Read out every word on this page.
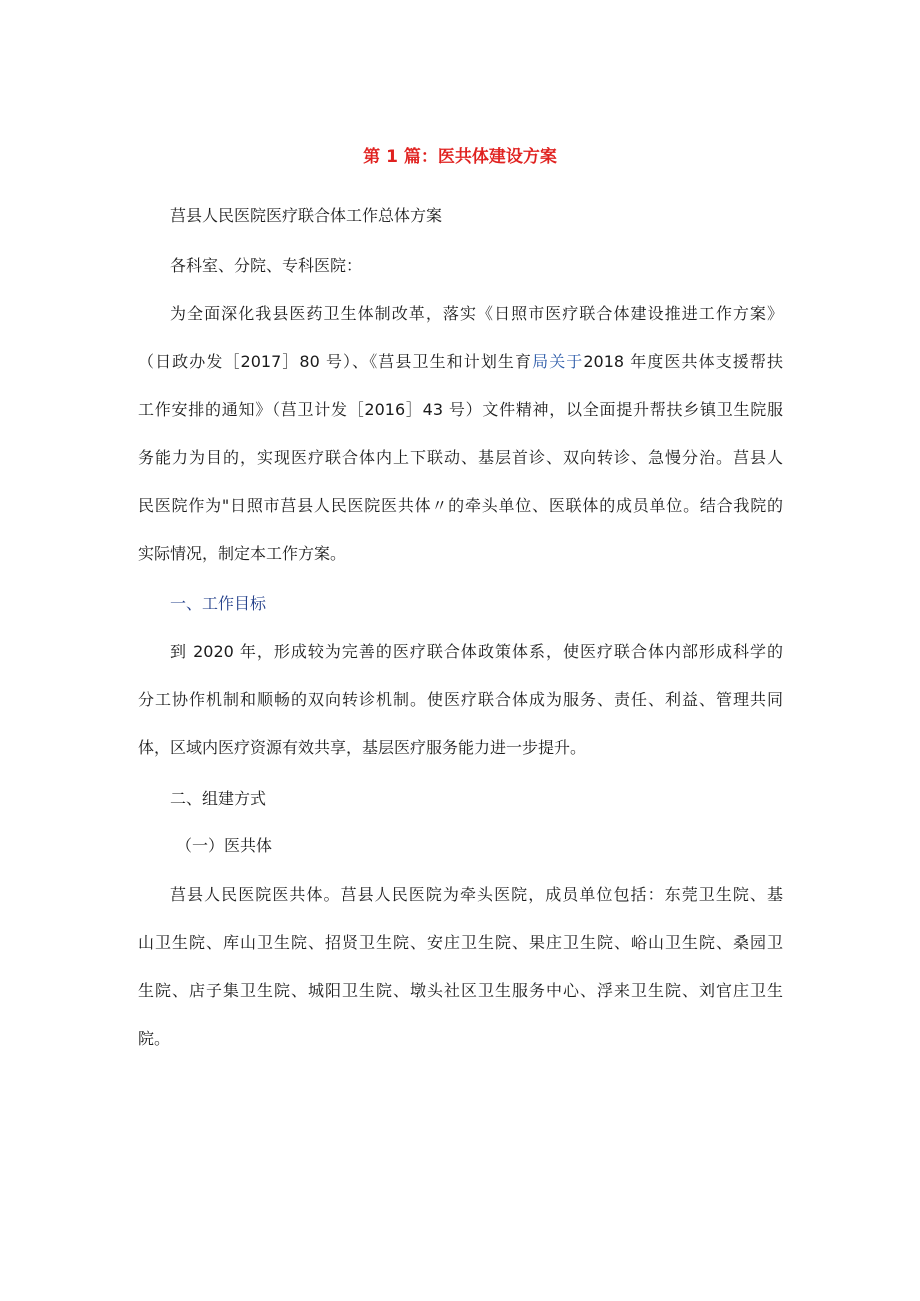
第 1 篇：医共体建设方案
莒县人民医院医疗联合体工作总体方案
各科室、分院、专科医院：
为全面深化我县医药卫生体制改革，落实《日照市医疗联合体建设推进工作方案》
（日政办发［2017］80 号）、《莒县卫生和计划生育局关于2018 年度医共体支援帮扶
工作安排的通知》（莒卫计发［2016］43 号）文件精神，以全面提升帮扶乡镇卫生院服
务能力为目的，实现医疗联合体内上下联动、基层首诊、双向转诊、急慢分治。莒县人
民医院作为"日照市莒县人民医院医共体〃的牵头单位、医联体的成员单位。结合我院的
实际情况，制定本工作方案。
一、工作目标
到 2020 年，形成较为完善的医疗联合体政策体系，使医疗联合体内部形成科学的
分工协作机制和顺畅的双向转诊机制。使医疗联合体成为服务、责任、利益、管理共同
体，区域内医疗资源有效共享，基层医疗服务能力进一步提升。
二、组建方式
（一）医共体
莒县人民医院医共体。莒县人民医院为牵头医院，成员单位包括：东莞卫生院、基
山卫生院、库山卫生院、招贤卫生院、安庄卫生院、果庄卫生院、峪山卫生院、桑园卫
生院、店子集卫生院、城阳卫生院、墩头社区卫生服务中心、浮来卫生院、刘官庄卫生
院。
